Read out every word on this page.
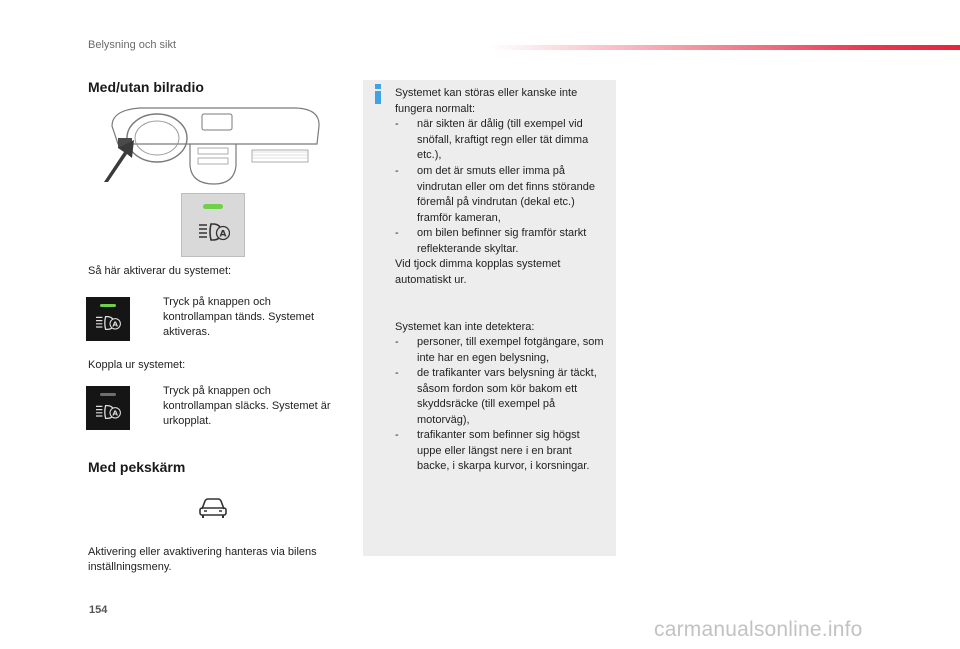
Belysning och sikt
Med/utan bilradio
A
Så här aktiverar du systemet:
A
Tryck på knappen och kontrollampan tänds. Systemet aktiveras.
Koppla ur systemet:
A
Tryck på knappen och kontrollampan släcks. Systemet är urkopplat.
Med pekskärm
Aktivering eller avaktivering hanteras via bilens inställningsmeny.
Systemet kan störas eller kanske inte fungera normalt:
- när sikten är dålig (till exempel vid snöfall, kraftigt regn eller tät dimma etc.),
- om det är smuts eller imma på vindrutan eller om det finns störande föremål på vindrutan (dekal etc.) framför kameran,
- om bilen befinner sig framför starkt reflekterande skyltar.
Vid tjock dimma kopplas systemet automatiskt ur.
Systemet kan inte detektera:
- personer, till exempel fotgängare, som inte har en egen belysning,
- de trafikanter vars belysning är täckt, såsom fordon som kör bakom ett skyddsräcke (till exempel på motorväg),
- trafikanter som befinner sig högst uppe eller längst nere i en brant backe, i skarpa kurvor, i korsningar.
154
carmanualsonline.info
